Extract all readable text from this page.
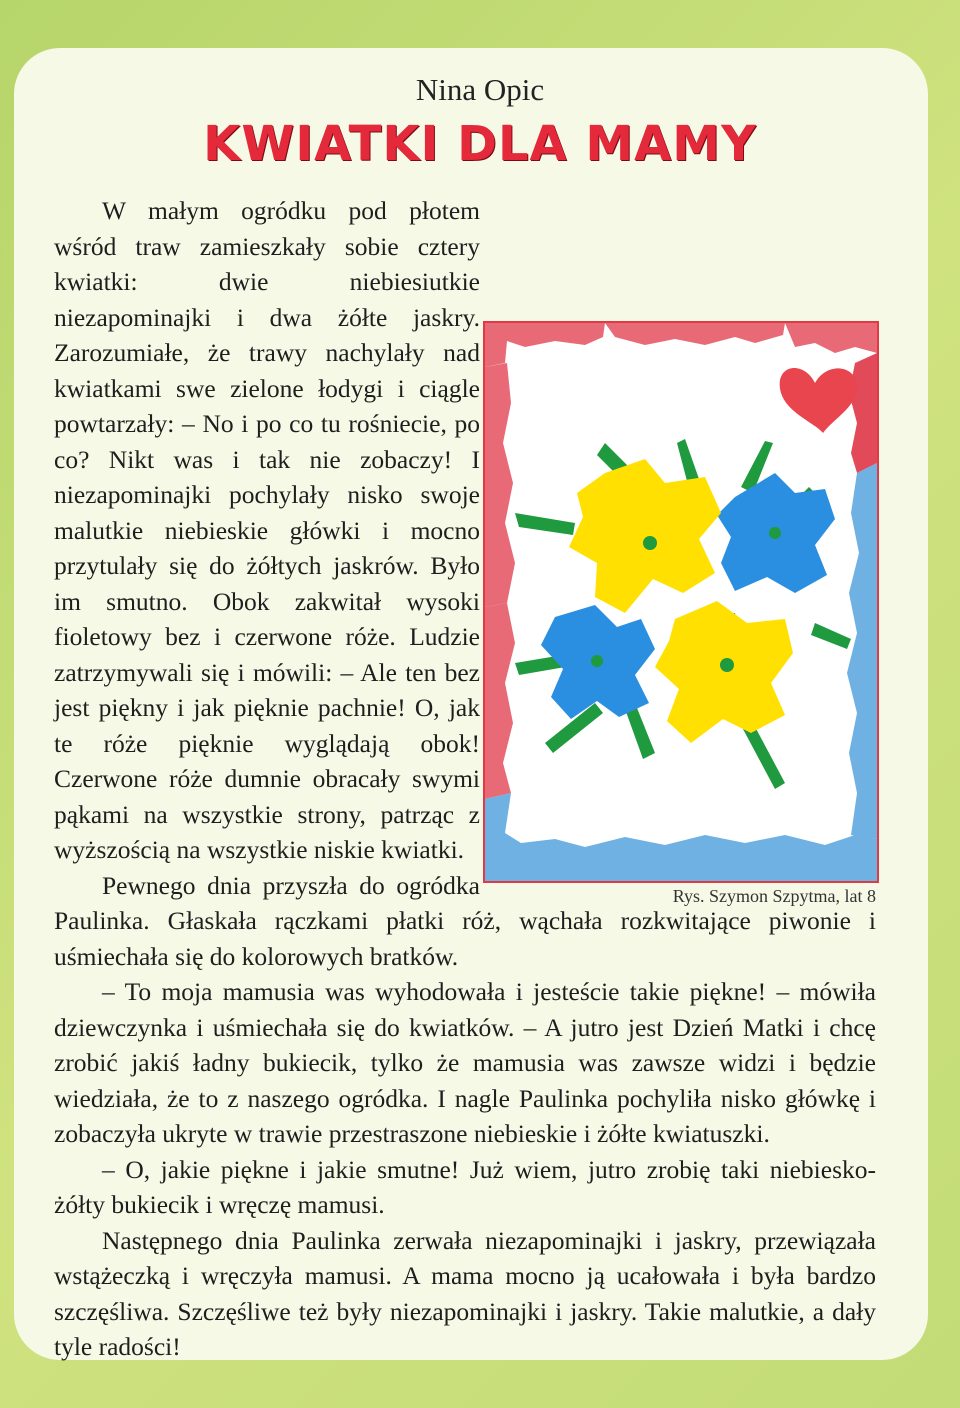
Nina Opic
KWIATKI DLA MAMY

W małym ogródku pod płotem wśród traw zamieszkały sobie cztery kwiatki: dwie niebiesiutkie niezapominajki i dwa żółte jaskry. Zarozumiałe, że trawy nachylały nad kwiatkami swe zielone łodygi i ciągle powtarzały: – No i po co tu rośniecie, po co? Nikt was i tak nie zobaczy! I niezapominajki pochylały nisko swoje malutkie niebieskie główki i mocno przytulały się do żółtych jaskrów. Było im smutno. Obok zakwitał wysoki fioletowy bez i czerwone róże. Ludzie zatrzymywali się i mówili: – Ale ten bez jest piękny i jak pięknie pachnie! O, jak te róże pięknie wyglądają obok! Czerwone róże dumnie obracały swymi pąkami na wszystkie strony, patrząc z wyższością na wszystkie niskie kwiatki.

Pewnego dnia przyszła do ogródka Paulinka. Głaskała rączkami płatki róż, wąchała rozkwitające piwonie i uśmiechała się do kolorowych bratków.

– To moja mamusia was wyhodowała i jesteście takie piękne! – mówiła dziewczynka i uśmiechała się do kwiatków. – A jutro jest Dzień Matki i chcę zrobić jakiś ładny bukiecik, tylko że mamusia was zawsze widzi i będzie wiedziała, że to z naszego ogródka. I nagle Paulinka pochyliła nisko główkę i zobaczyła ukryte w trawie przestraszone niebieskie i żółte kwiatuszki.

– O, jakie piękne i jakie smutne! Już wiem, jutro zrobię taki niebiesko-żółty bukiecik i wręczę mamusi.

Następnego dnia Paulinka zerwała niezapominajki i jaskry, przewiązała wstążeczką i wręczyła mamusi. A mama mocno ją ucałowała i była bardzo szczęśliwa. Szczęśliwe też były niezapominajki i jaskry. Takie malutkie, a dały tyle radości!

Rys. Szymon Szpytma, lat 8
